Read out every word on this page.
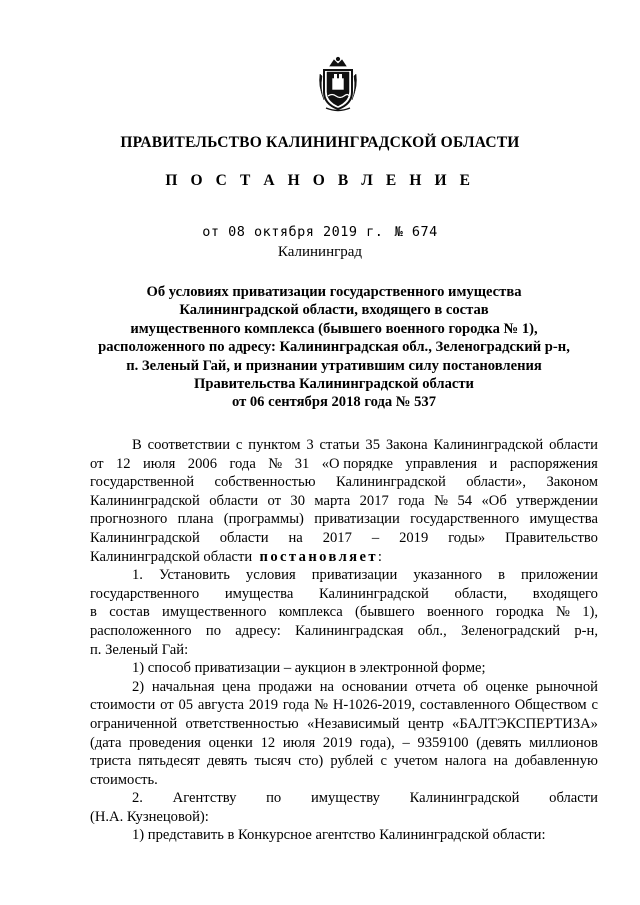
ПРАВИТЕЛЬСТВО КАЛИНИНГРАДСКОЙ ОБЛАСТИ
П О С Т А Н О В Л Е Н И Е
от 08 октября 2019 г. № 674
Калининград
Об условиях приватизации государственного имущества
Калининградской области, входящего в состав
имущественного комплекса (бывшего военного городка № 1),
расположенного по адресу: Калининградская обл., Зеленоградский р-н,
п. Зеленый Гай, и признании утратившим силу постановления
Правительства Калининградской области
от 06 сентября 2018 года № 537
В соответствии с пунктом 3 статьи 35 Закона Калининградской области
от 12 июля 2006 года № 31 «О порядке управления и распоряжения
государственной собственностью Калининградской области», Законом
Калининградской области от 30 марта 2017 года № 54 «Об утверждении
прогнозного плана (программы) приватизации государственного имущества
Калининградской области на 2017 – 2019 годы» Правительство
Калининградской области
постановляет :
1. Установить условия приватизации указанного в приложении
государственного имущества Калининградской области, входящего
в состав имущественного комплекса (бывшего военного городка № 1),
расположенного по адресу: Калининградская обл., Зеленоградский р-н,
п. Зеленый Гай:
1) способ приватизации – аукцион в электронной форме;
2) начальная цена продажи на основании отчета об оценке рыночной
стоимости от 05 августа 2019 года № Н-1026-2019, составленного Обществом с
ограниченной ответственностью «Независимый центр «БАЛТЭКСПЕРТИЗА»
(дата проведения оценки 12 июля 2019 года), – 9359100 (девять миллионов
триста пятьдесят девять тысяч сто) рублей с учетом налога на добавленную
стоимость.
2. Агентству по имуществу Калининградской области
(Н.А. Кузнецовой):
1) представить в Конкурсное агентство Калининградской области:
